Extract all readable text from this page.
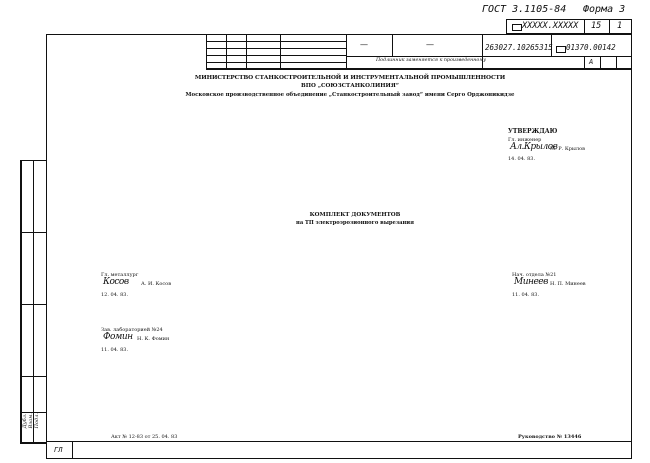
ГОСТ 3.1105-84 Форма 3
XXXXX.XXXXX 15 1
—	—	263027.10265315 01370.00142
Подлинник заменяется к произведенному	А
МИНИСТЕРСТВО СТАНКОСТРОИТЕЛЬНОЙ И ИНСТРУМЕНТАЛЬНОЙ ПРОМЫШЛЕННОСТИ
ВПО „СОЮЗСТАНКОЛИНИЯ“
Московское производственное объединение „Станкостроительный завод“ имени Серго Орджоникидзе
УТВЕРЖДАЮ
Гл. инженер
Ал.Крылов
М. Р. Крылов
14. 04. 83.
КОМПЛЕКТ ДОКУМЕНТОВ
на ТП электроэрозионного вырезания
Гл. металлург
Косов А. И. Косов
12. 04. 83.
Нач. отдела №21
Минеев Н. П. Минеев
11. 04. 83.
Зав. лабораторией №24
Фомин Н. К. Фомин
11. 04. 83.
Акт № 12-83 от 25. 04. 83	Руководство № 13446
Дубл. Взам. Подл.
ГЛ
